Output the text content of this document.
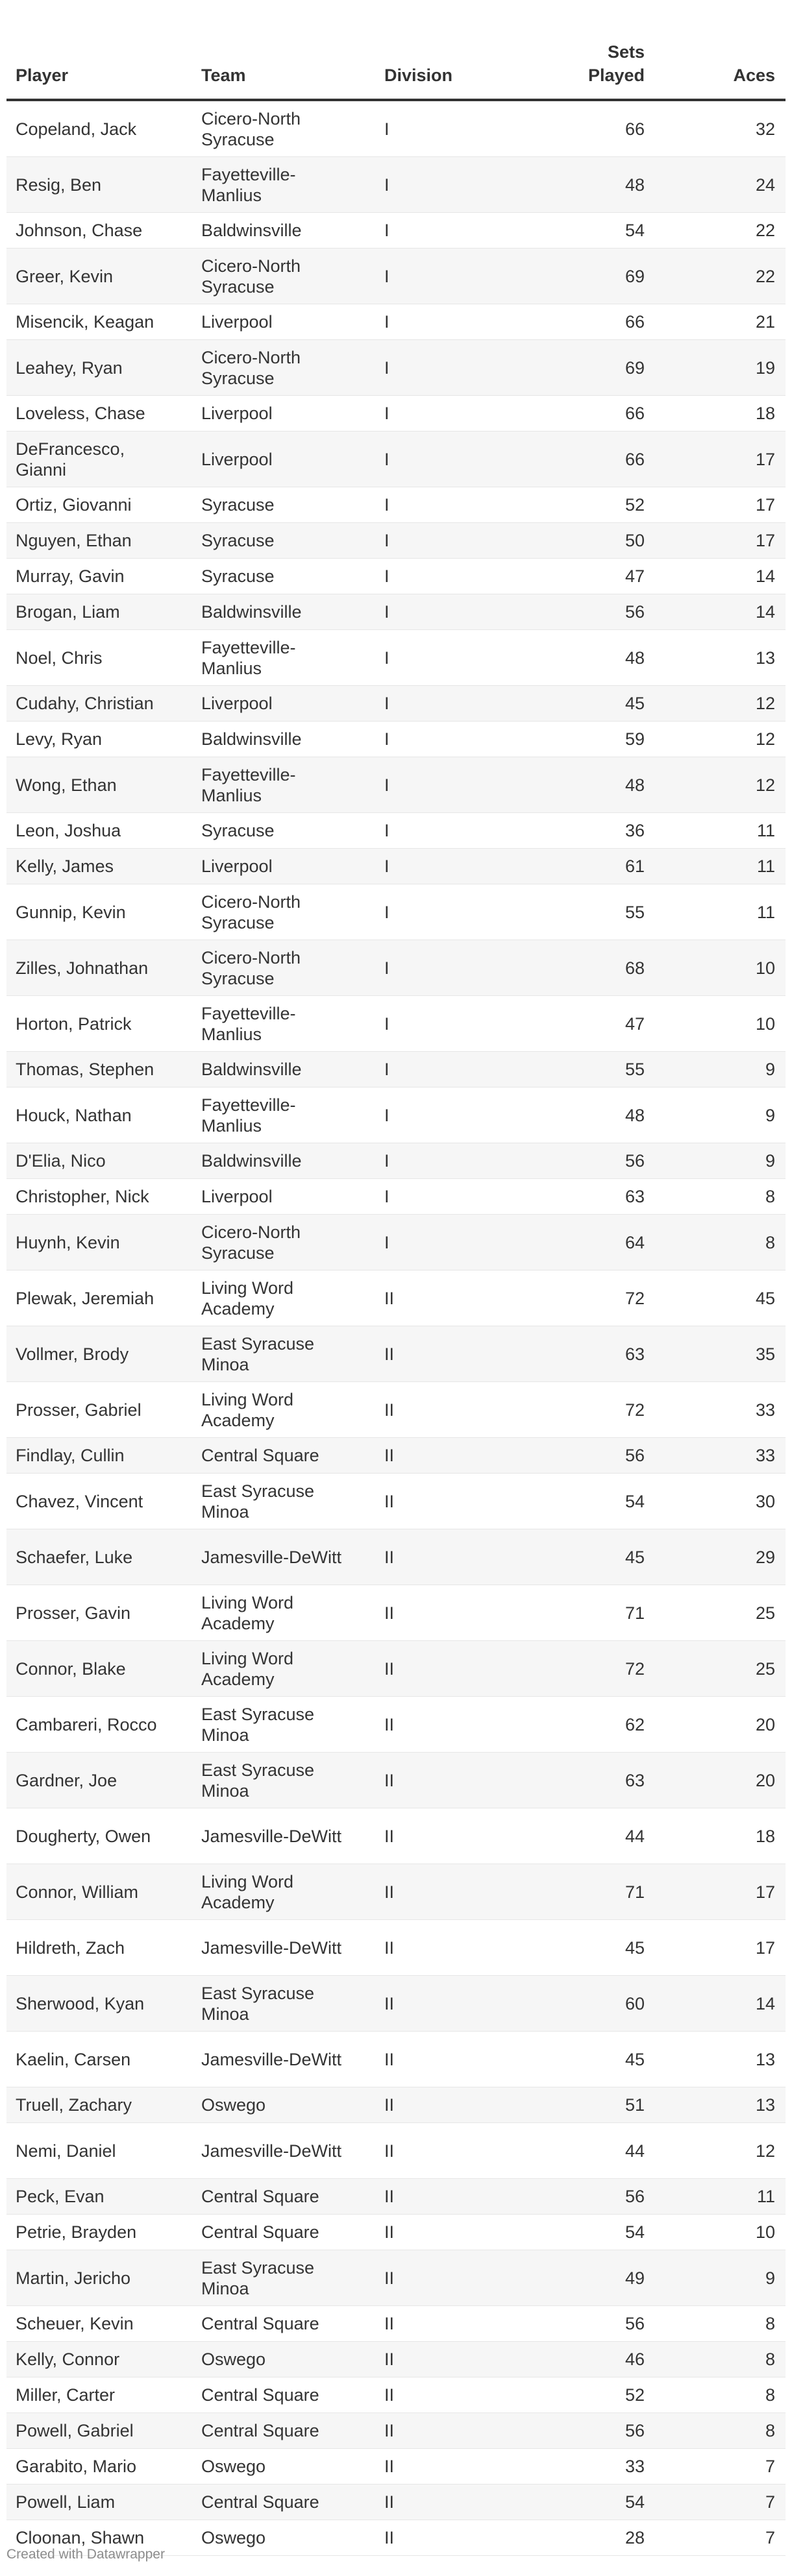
Player	Team	Division	Sets Played	Aces
Copeland, Jack	Cicero-North Syracuse	I	66	32
Resig, Ben	Fayetteville-Manlius	I	48	24
Johnson, Chase	Baldwinsville	I	54	22
Greer, Kevin	Cicero-North Syracuse	I	69	22
Misencik, Keagan	Liverpool	I	66	21
Leahey, Ryan	Cicero-North Syracuse	I	69	19
Loveless, Chase	Liverpool	I	66	18
DeFrancesco, Gianni	Liverpool	I	66	17
Ortiz, Giovanni	Syracuse	I	52	17
Nguyen, Ethan	Syracuse	I	50	17
Murray, Gavin	Syracuse	I	47	14
Brogan, Liam	Baldwinsville	I	56	14
Noel, Chris	Fayetteville-Manlius	I	48	13
Cudahy, Christian	Liverpool	I	45	12
Levy, Ryan	Baldwinsville	I	59	12
Wong, Ethan	Fayetteville-Manlius	I	48	12
Leon, Joshua	Syracuse	I	36	11
Kelly, James	Liverpool	I	61	11
Gunnip, Kevin	Cicero-North Syracuse	I	55	11
Zilles, Johnathan	Cicero-North Syracuse	I	68	10
Horton, Patrick	Fayetteville-Manlius	I	47	10
Thomas, Stephen	Baldwinsville	I	55	9
Houck, Nathan	Fayetteville-Manlius	I	48	9
D'Elia, Nico	Baldwinsville	I	56	9
Christopher, Nick	Liverpool	I	63	8
Huynh, Kevin	Cicero-North Syracuse	I	64	8
Plewak, Jeremiah	Living Word Academy	II	72	45
Vollmer, Brody	East Syracuse Minoa	II	63	35
Prosser, Gabriel	Living Word Academy	II	72	33
Findlay, Cullin	Central Square	II	56	33
Chavez, Vincent	East Syracuse Minoa	II	54	30
Schaefer, Luke	Jamesville-DeWitt	II	45	29
Prosser, Gavin	Living Word Academy	II	71	25
Connor, Blake	Living Word Academy	II	72	25
Cambareri, Rocco	East Syracuse Minoa	II	62	20
Gardner, Joe	East Syracuse Minoa	II	63	20
Dougherty, Owen	Jamesville-DeWitt	II	44	18
Connor, William	Living Word Academy	II	71	17
Hildreth, Zach	Jamesville-DeWitt	II	45	17
Sherwood, Kyan	East Syracuse Minoa	II	60	14
Kaelin, Carsen	Jamesville-DeWitt	II	45	13
Truell, Zachary	Oswego	II	51	13
Nemi, Daniel	Jamesville-DeWitt	II	44	12
Peck, Evan	Central Square	II	56	11
Petrie, Brayden	Central Square	II	54	10
Martin, Jericho	East Syracuse Minoa	II	49	9
Scheuer, Kevin	Central Square	II	56	8
Kelly, Connor	Oswego	II	46	8
Miller, Carter	Central Square	II	52	8
Powell, Gabriel	Central Square	II	56	8
Garabito, Mario	Oswego	II	33	7
Powell, Liam	Central Square	II	54	7
Cloonan, Shawn	Oswego	II	28	7
Created with Datawrapper
